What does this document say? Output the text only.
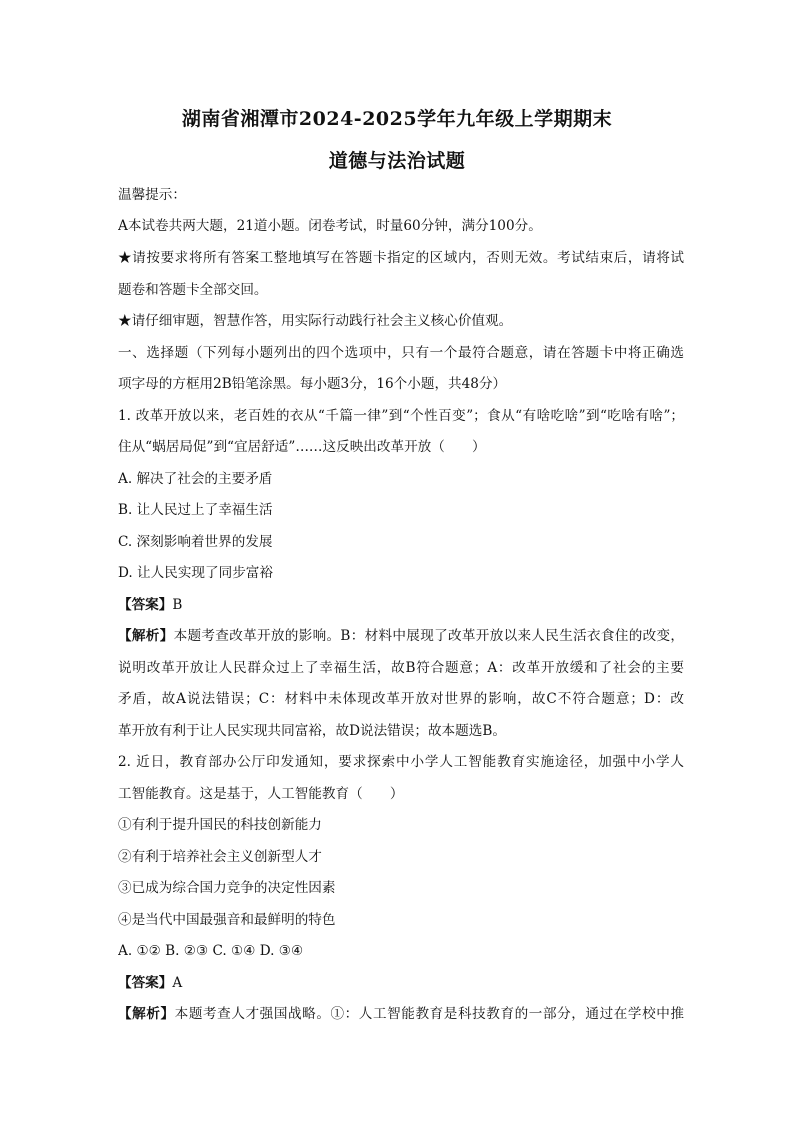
湖南省湘潭市2024-2025学年九年级上学期期末
道德与法治试题
温馨提示：
A本试卷共两大题，21道小题。闭卷考试，时量60分钟，满分100分。
★请按要求将所有答案工整地填写在答题卡指定的区域内，否则无效。考试结束后，请将试
题卷和答题卡全部交回。
★请仔细审题，智慧作答，用实际行动践行社会主义核心价值观。
一、选择题（下列每小题列出的四个选项中，只有一个最符合题意，请在答题卡中将正确选
项字母的方框用2B铅笔涂黑。每小题3分，16个小题，共48分）
1. 改革开放以来，老百姓的衣从“千篇一律”到“个性百变”；食从“有啥吃啥”到“吃啥有啥”；
住从“蜗居局促”到“宜居舒适”……这反映出改革开放（　　）
A. 解决了社会的主要矛盾
B. 让人民过上了幸福生活
C. 深刻影响着世界的发展
D. 让人民实现了同步富裕
【答案】B
【解析】本题考查改革开放的影响。B：材料中展现了改革开放以来人民生活衣食住的改变，
说明改革开放让人民群众过上了幸福生活，故B符合题意；A：改革开放缓和了社会的主要
矛盾，故A说法错误；C：材料中未体现改革开放对世界的影响，故C不符合题意；D：改
革开放有利于让人民实现共同富裕，故D说法错误；故本题选B。
2. 近日，教育部办公厅印发通知，要求探索中小学人工智能教育实施途径，加强中小学人
工智能教育。这是基于，人工智能教育（　　）
①有利于提升国民的科技创新能力
②有利于培养社会主义创新型人才
③已成为综合国力竞争的决定性因素
④是当代中国最强音和最鲜明的特色
A. ①② B. ②③ C. ①④ D. ③④
【答案】A
【解析】本题考查人才强国战略。①：人工智能教育是科技教育的一部分，通过在学校中推
